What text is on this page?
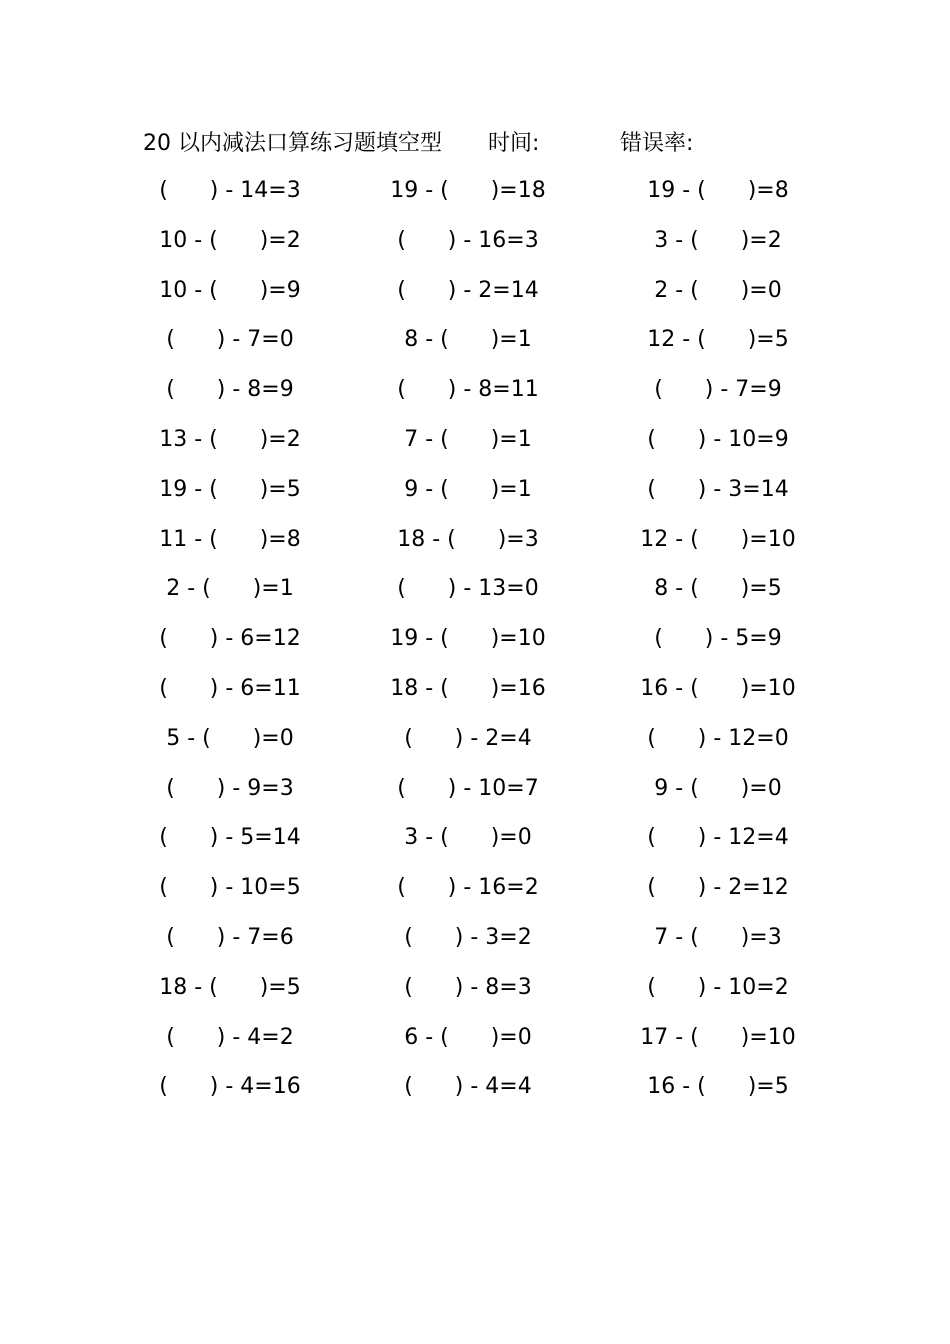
20 以内减法口算练习题填空型 时间:	错误率:
(      ) - 14=3	19 - (      )=18	19 - (      )=8
10 - (      )=2	(      ) - 16=3	3 - (      )=2
10 - (      )=9	(      ) - 2=14	2 - (      )=0
(      ) - 7=0	8 - (      )=1	12 - (      )=5
(      ) - 8=9	(      ) - 8=11	(      ) - 7=9
13 - (      )=2	7 - (      )=1	(      ) - 10=9
19 - (      )=5	9 - (      )=1	(      ) - 3=14
11 - (      )=8	18 - (      )=3	12 - (      )=10
2 - (      )=1	(      ) - 13=0	8 - (      )=5
(      ) - 6=12	19 - (      )=10	(      ) - 5=9
(      ) - 6=11	18 - (      )=16	16 - (      )=10
5 - (      )=0	(      ) - 2=4	(      ) - 12=0
(      ) - 9=3	(      ) - 10=7	9 - (      )=0
(      ) - 5=14	3 - (      )=0	(      ) - 12=4
(      ) - 10=5	(      ) - 16=2	(      ) - 2=12
(      ) - 7=6	(      ) - 3=2	7 - (      )=3
18 - (      )=5	(      ) - 8=3	(      ) - 10=2
(      ) - 4=2	6 - (      )=0	17 - (      )=10
(      ) - 4=16	(      ) - 4=4	16 - (      )=5
